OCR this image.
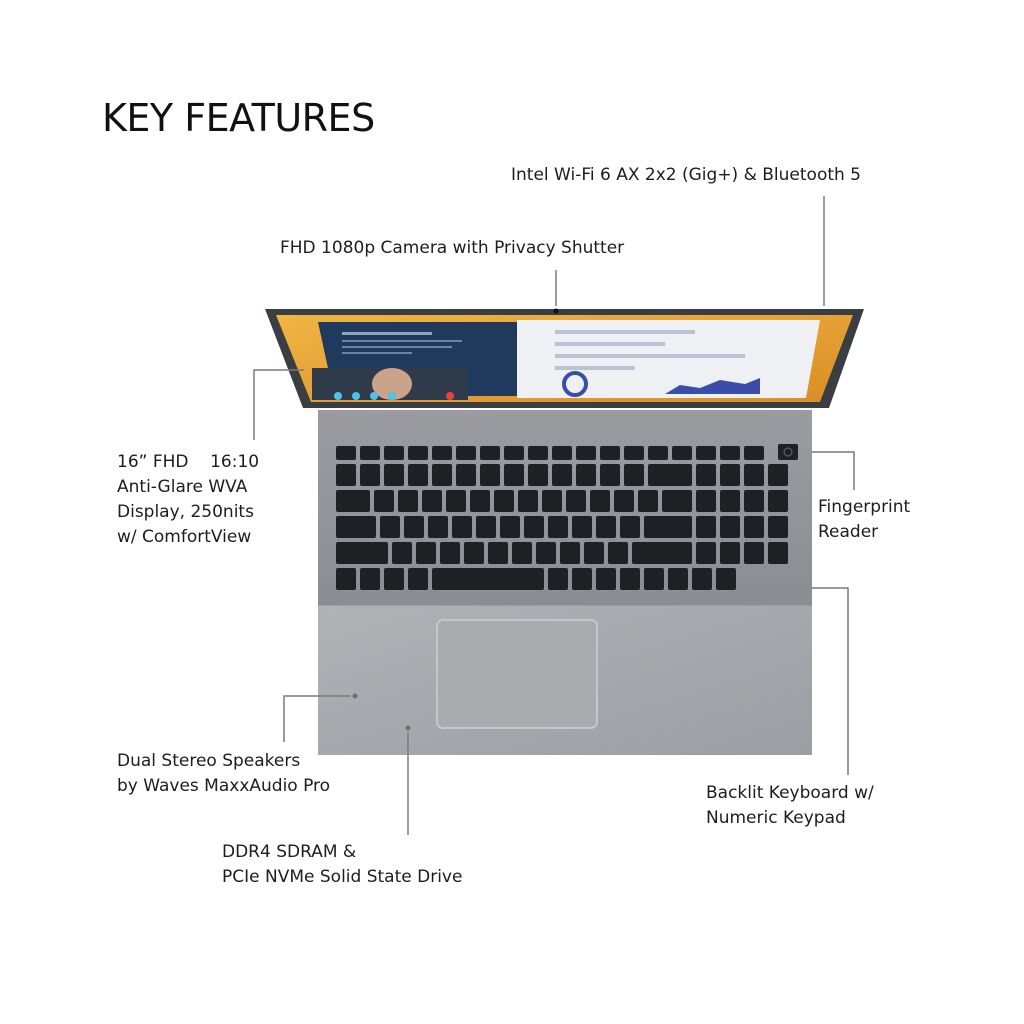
KEY FEATURES
Intel Wi-Fi 6 AX 2x2 (Gig+) & Bluetooth 5
FHD 1080p Camera with Privacy Shutter
16” FHD    16:10
Anti-Glare WVA
Display, 250nits
w/ ComfortView
Fingerprint
Reader
Dual Stereo Speakers
by Waves MaxxAudio Pro	Backlit Keyboard w/
Numeric Keypad
DDR4 SDRAM &
PCIe NVMe Solid State Drive
